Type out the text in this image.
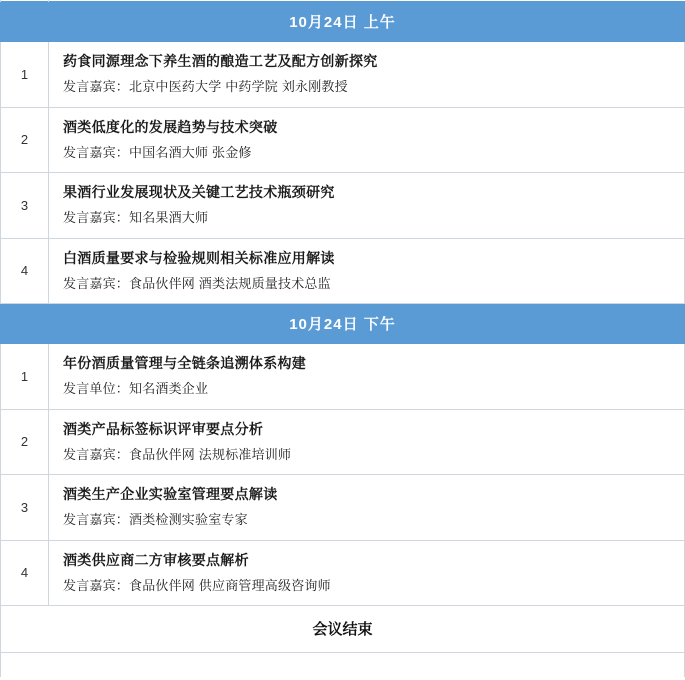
10月24日 上午	
1	药食同源理念下养生酒的酿造工艺及配方创新探究
发言嘉宾：北京中医药大学 中药学院 刘永刚教授

2	酒类低度化的发展趋势与技术突破
发言嘉宾：中国名酒大师 张金修

3	果酒行业发展现状及关键工艺技术瓶颈研究
发言嘉宾：知名果酒大师

4	白酒质量要求与检验规则相关标准应用解读
发言嘉宾：食品伙伴网 酒类法规质量技术总监

10月24日 下午	
1	年份酒质量管理与全链条追溯体系构建
发言单位：知名酒类企业

2	酒类产品标签标识评审要点分析
发言嘉宾：食品伙伴网 法规标准培训师

3	酒类生产企业实验室管理要点解读
发言嘉宾：酒类检测实验室专家

4	酒类供应商二方审核要点解析
发言嘉宾：食品伙伴网 供应商管理高级咨询师

会议结束	
